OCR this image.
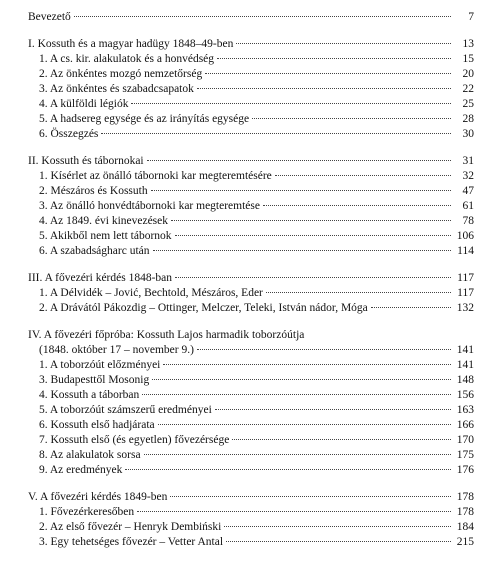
Bevezető	7
I. Kossuth és a magyar hadügy 1848–49-ben	13
1. A cs. kir. alakulatok és a honvédség	15
2. Az önkéntes mozgó nemzetőrség	20
3. Az önkéntes és szabadcsapatok	22
4. A külföldi légiók	25
5. A hadsereg egysége és az irányítás egysége	28
6. Összegzés	30
II. Kossuth és tábornokai	31
1. Kísérlet az önálló tábornoki kar megteremtésére	32
2. Mészáros és Kossuth	47
3. Az önálló honvédtábornoki kar megteremtése	61
4. Az 1849. évi kinevezések	78
5. Akikből nem lett tábornok	106
6. A szabadságharc után	114
III. A fővezéri kérdés 1848-ban	117
1. A Délvidék – Jović, Bechtold, Mészáros, Eder	117
2. A Drávától Pákozdig – Ottinger, Melczer, Teleki, István nádor, Móga	132
IV. A fővezéri főpróba: Kossuth Lajos harmadik toborzóútja
(1848. október 17 – november 9.)	141
1. A toborzóút előzményei	141
3. Budapesttől Mosonig	148
4. Kossuth a táborban	156
5. A toborzóút számszerű eredményei	163
6. Kossuth első hadjárata	166
7. Kossuth első (és egyetlen) fővezérsége	170
8. Az alakulatok sorsa	175
9. Az eredmények	176
V. A fővezéri kérdés 1849-ben	178
1. Fővezérkeresőben	178
2. Az első fővezér – Henryk Dembiński	184
3. Egy tehetséges fővezér – Vetter Antal	215
